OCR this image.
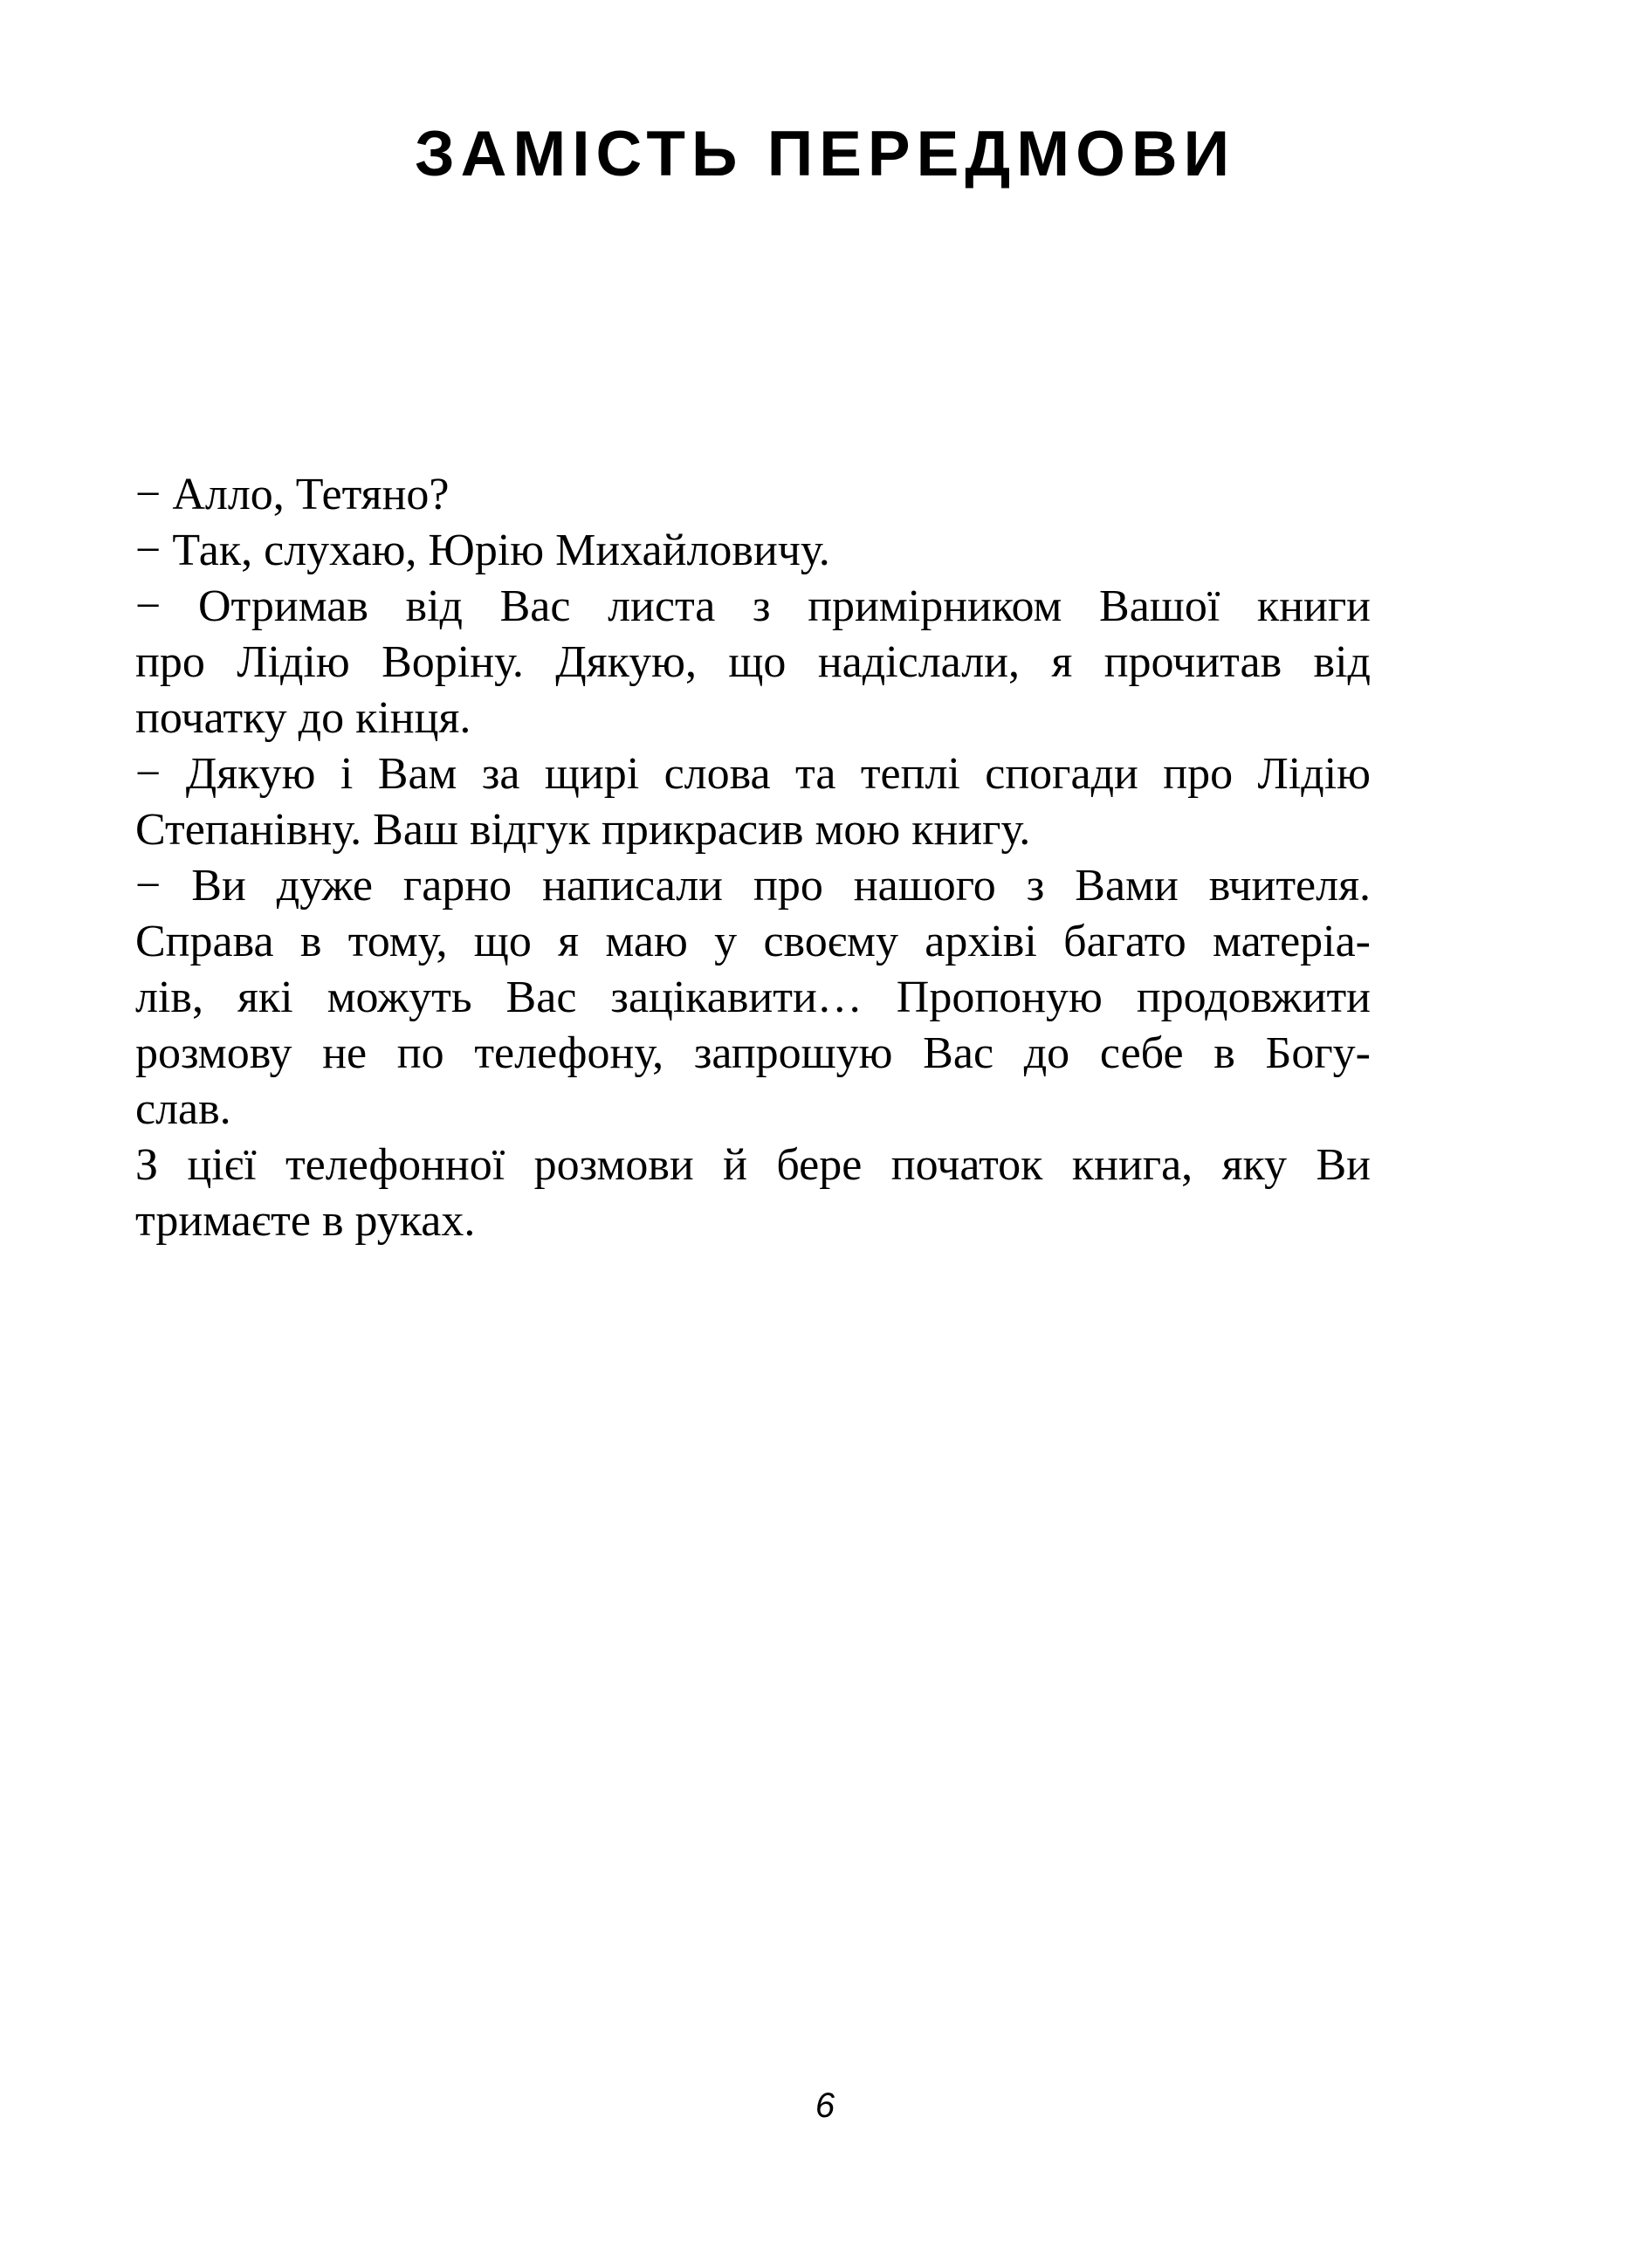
ЗАМІСТЬ ПЕРЕДМОВИ
− Алло, Тетяно?
− Так, слухаю, Юрію Михайловичу.
− Отримав від Вас листа з примірником Вашої книги
про Лідію Воріну. Дякую, що надіслали, я прочитав від
початку до кінця.
− Дякую і Вам за щирі слова та теплі спогади про Лідію
Степанівну. Ваш відгук прикрасив мою книгу.
− Ви дуже гарно написали про нашого з Вами вчителя.
Справа в тому, що я маю у своєму архіві багато матеріа-
лів, які можуть Вас зацікавити… Пропоную продовжити
розмову не по телефону, запрошую Вас до себе в Богу-
слав.
З цієї телефонної розмови й бере початок книга, яку Ви
тримаєте в руках.
6
